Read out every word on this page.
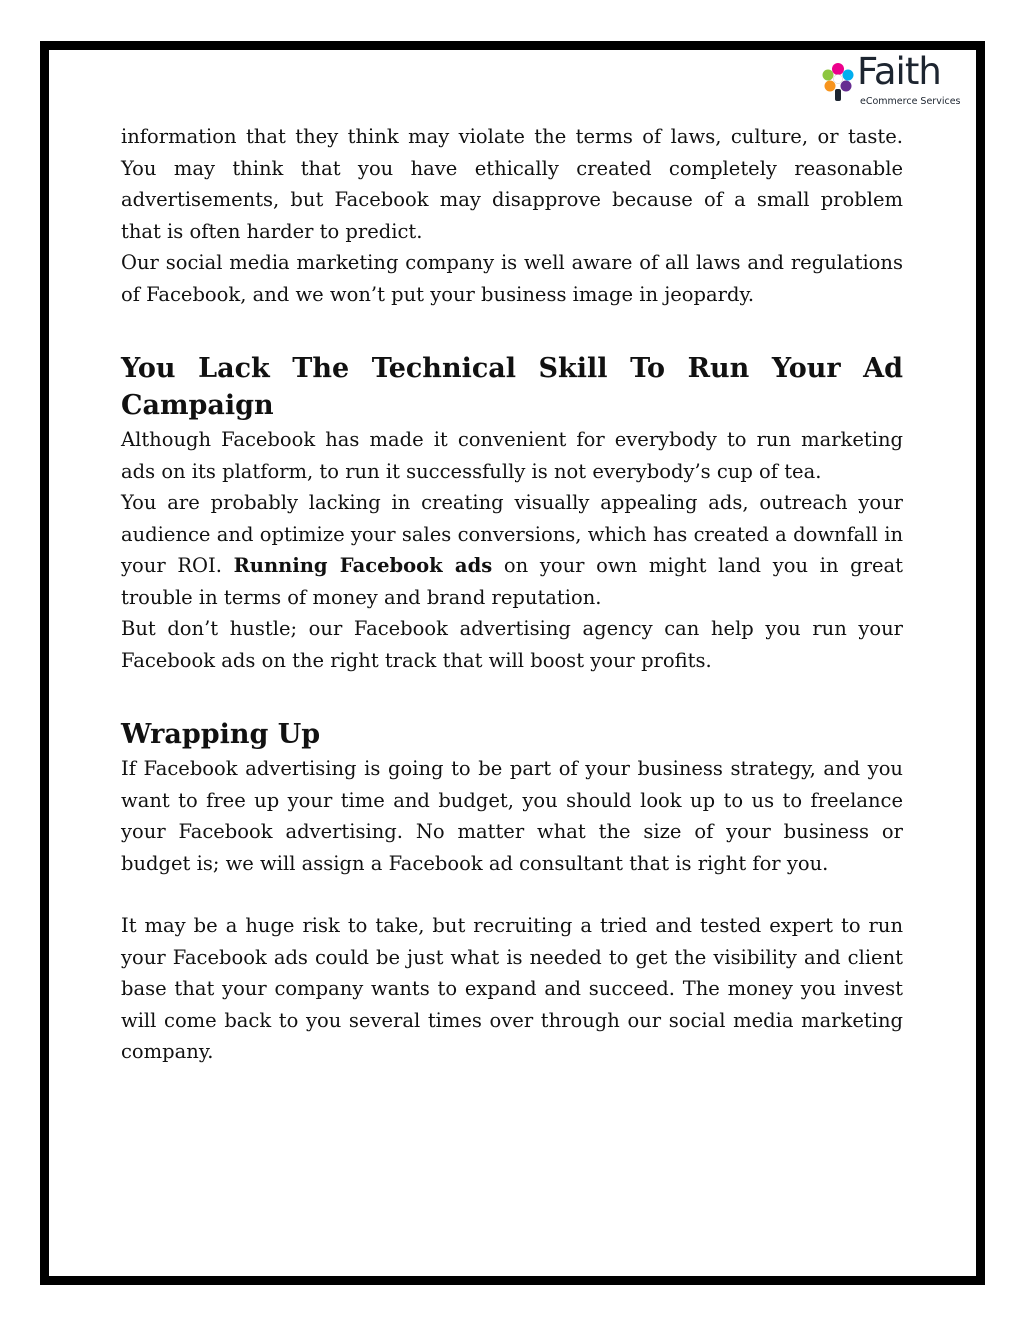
Faith
eCommerce Services

information that they think may violate the terms of laws, culture, or taste. You may think that you have ethically created completely reasonable advertisements, but Facebook may disapprove because of a small problem that is often harder to predict.

Our social media marketing company is well aware of all laws and regulations of Facebook, and we won’t put your business image in jeopardy.

You Lack The Technical Skill To Run Your Ad Campaign

Although Facebook has made it convenient for everybody to run marketing ads on its platform, to run it successfully is not everybody’s cup of tea.

You are probably lacking in creating visually appealing ads, outreach your audience and optimize your sales conversions, which has created a downfall in your ROI. Running Facebook ads on your own might land you in great trouble in terms of money and brand reputation.

But don’t hustle; our Facebook advertising agency can help you run your Facebook ads on the right track that will boost your profits.

Wrapping Up

If Facebook advertising is going to be part of your business strategy, and you want to free up your time and budget, you should look up to us to freelance your Facebook advertising. No matter what the size of your business or budget is; we will assign a Facebook ad consultant that is right for you.

It may be a huge risk to take, but recruiting a tried and tested expert to run your Facebook ads could be just what is needed to get the visibility and client base that your company wants to expand and succeed. The money you invest will come back to you several times over through our social media marketing company.
